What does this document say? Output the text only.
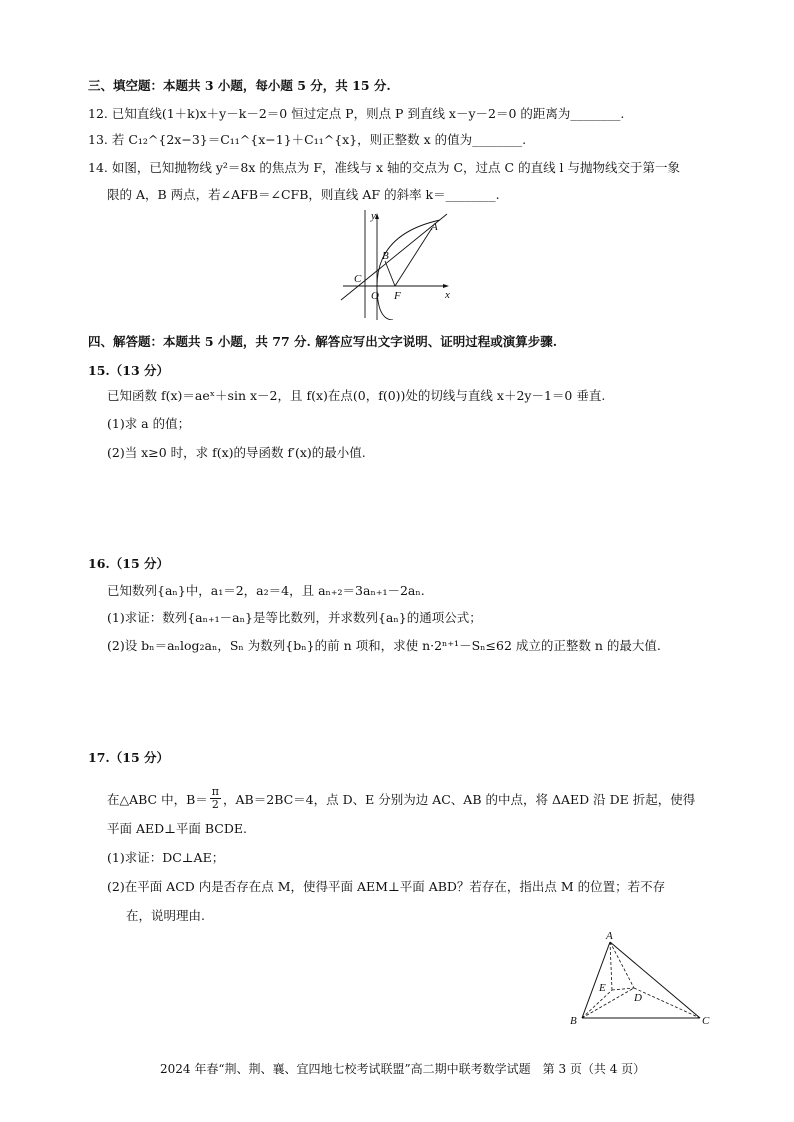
三、填空题：本题共 3 小题，每小题 5 分，共 15 分.
12. 已知直线(1＋k)x＋y－k－2＝0 恒过定点 P，则点 P 到直线 x－y－2＝0 的距离为________.
13. 若 C₁₂^{2x−3}＝C₁₁^{x−1}＋C₁₁^{x}，则正整数 x 的值为________.
14. 如图，已知抛物线 y²＝8x 的焦点为 F，准线与 x 轴的交点为 C，过点 C 的直线 l 与抛物线交于第一象
限的 A，B 两点，若∠AFB＝∠CFB，则直线 AF 的斜率 k＝________.
y
x
A
B
C
O F
四、解答题：本题共 5 小题，共 77 分. 解答应写出文字说明、证明过程或演算步骤.
15.（13 分）
已知函数 f(x)＝aeˣ＋sin x－2，且 f(x)在点(0，f(0))处的切线与直线 x＋2y－1＝0 垂直.
(1)求 a 的值；
(2)当 x≥0 时，求 f(x)的导函数 f′(x)的最小值.
16.（15 分）
已知数列{aₙ}中，a₁＝2，a₂＝4，且 aₙ₊₂＝3aₙ₊₁－2aₙ.
(1)求证：数列{aₙ₊₁－aₙ}是等比数列，并求数列{aₙ}的通项公式；
(2)设 bₙ＝aₙlog₂aₙ，Sₙ 为数列{bₙ}的前 n 项和，求使 n·2ⁿ⁺¹－Sₙ≤62 成立的正整数 n 的最大值.
17.（15 分）
在△ABC 中，$B= \frac{\pi}{2}$ ，AB＝2BC＝4，点 D、E 分别为边 AC、AB 的中点，将 ΔAED 沿 DE 折起，使得
平面 AED⊥平面 BCDE.
(1)求证：DC⊥AE；
(2)在平面 ACD 内是否存在点 M，使得平面 AEM⊥平面 ABD？若存在，指出点 M 的位置；若不存
在，说明理由.
A
B	C
D
E
2024 年春“荆、荆、襄、宜四地七校考试联盟”高二期中联考数学试题　第 3 页（共 4 页）
